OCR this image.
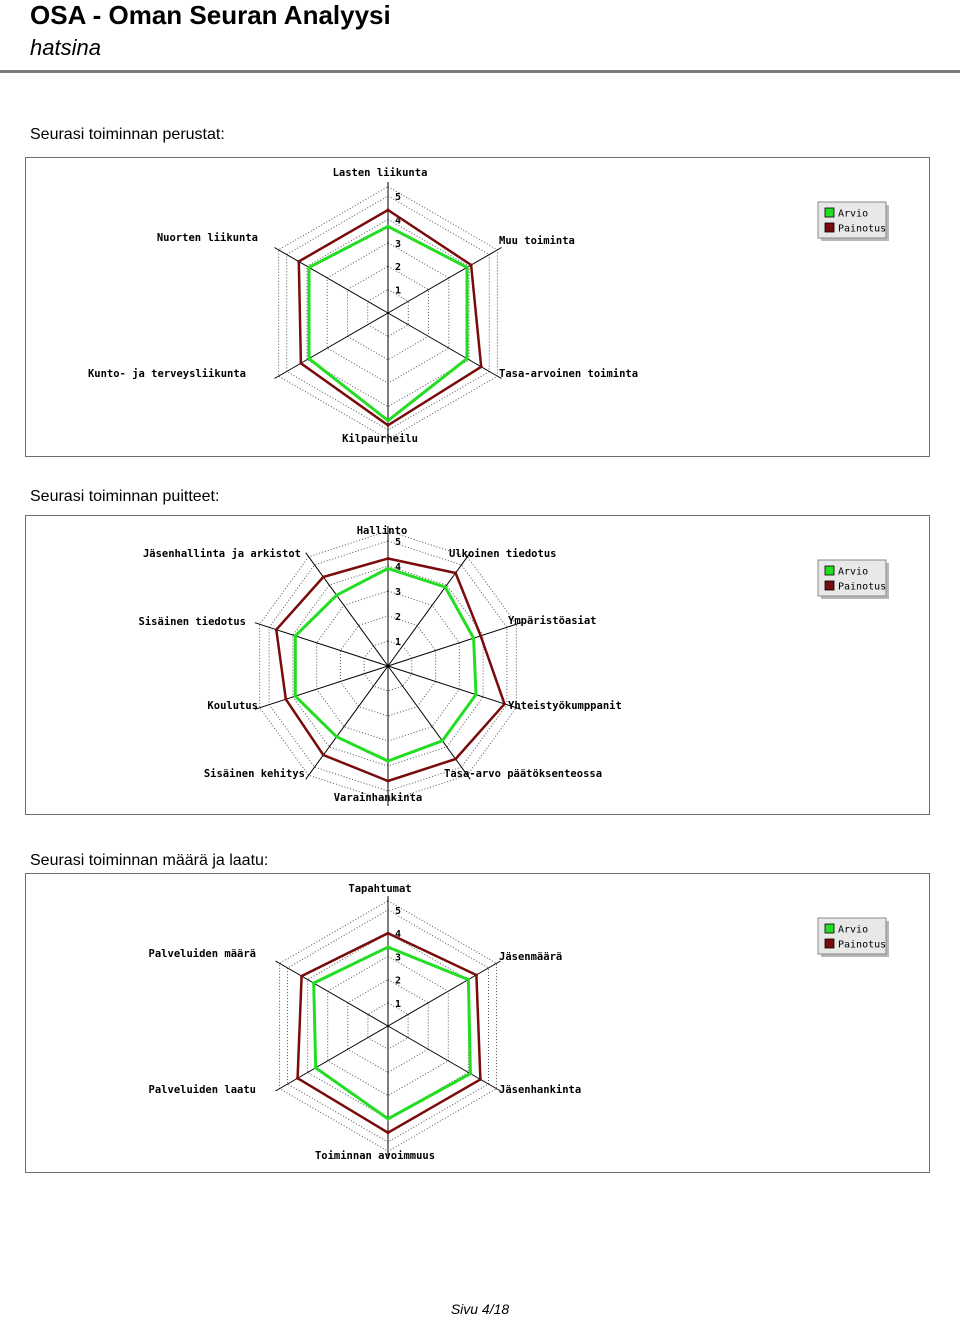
OSA - Oman Seuran Analyysi
hatsina
Seurasi toiminnan perustat:
1
2
3
4
5
Lasten liikunta
Muu toiminta
Tasa-arvoinen toiminta
Kilpaurheilu
Kunto- ja terveysliikunta
Nuorten liikunta
Arvio
Painotus
Seurasi toiminnan puitteet:
1
2
3
4
5
Hallinto
Ulkoinen tiedotus
Ympäristöasiat
Yhteistyökumppanit
Tasa-arvo päätöksenteossa
Varainhankinta
Sisäinen kehitys
Koulutus
Sisäinen tiedotus
Jäsenhallinta ja arkistot
Arvio
Painotus
Seurasi toiminnan määrä ja laatu:
1
2
3
4
5
Tapahtumat
Jäsenmäärä
Jäsenhankinta
Toiminnan avoimmuus
Palveluiden laatu
Palveluiden määrä
Arvio
Painotus
Sivu 4/18
